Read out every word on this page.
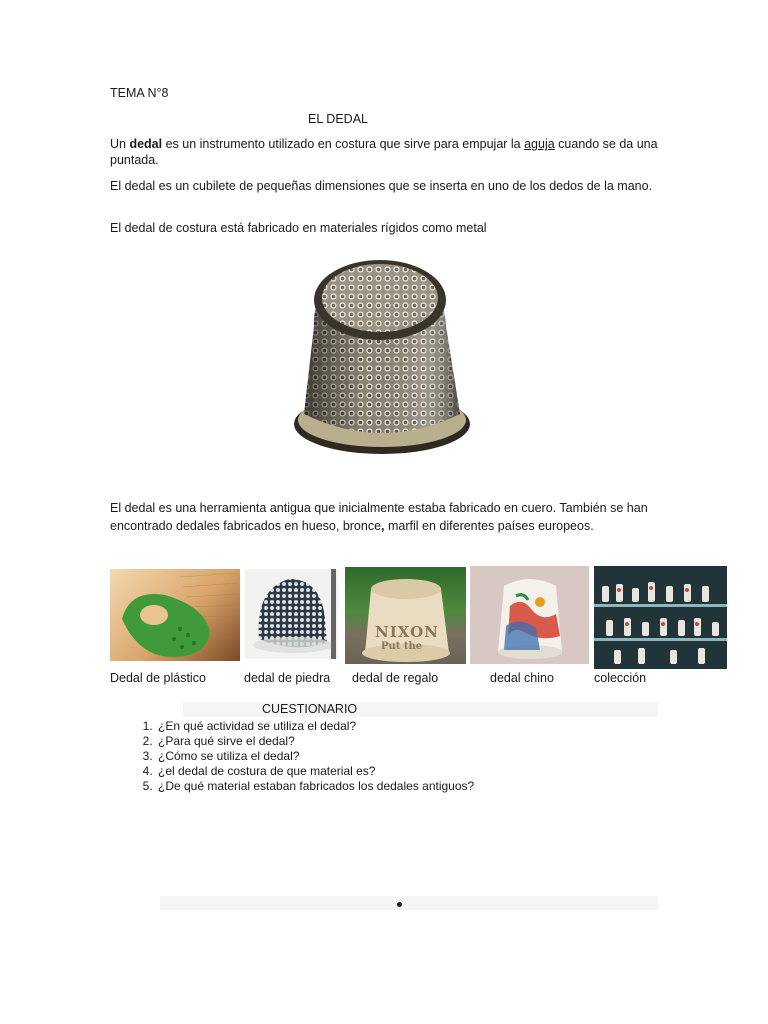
TEMA N°8
EL DEDAL

Un dedal es un instrumento utilizado en costura que sirve para empujar la aguja cuando se da una puntada.

El dedal es un cubilete de pequeñas dimensiones que se inserta en uno de los dedos de la mano.

El dedal de costura está fabricado en materiales rígidos como metal

El dedal es una herramienta antigua que inicialmente estaba fabricado en cuero. También se han encontrado dedales fabricados en hueso, bronce, marfil en diferentes países europeos.

NIXON
Put the
Dedal de plástico	dedal de piedra dedal de regalo	dedal chino	colección
CUESTIONARIO
1. ¿En qué actividad se utiliza el dedal?
2. ¿Para qué sirve el dedal?
3. ¿Cómo se utiliza el dedal?
4. ¿el dedal de costura de que material es?
5. ¿De qué material estaban fabricados los dedales antiguos?
